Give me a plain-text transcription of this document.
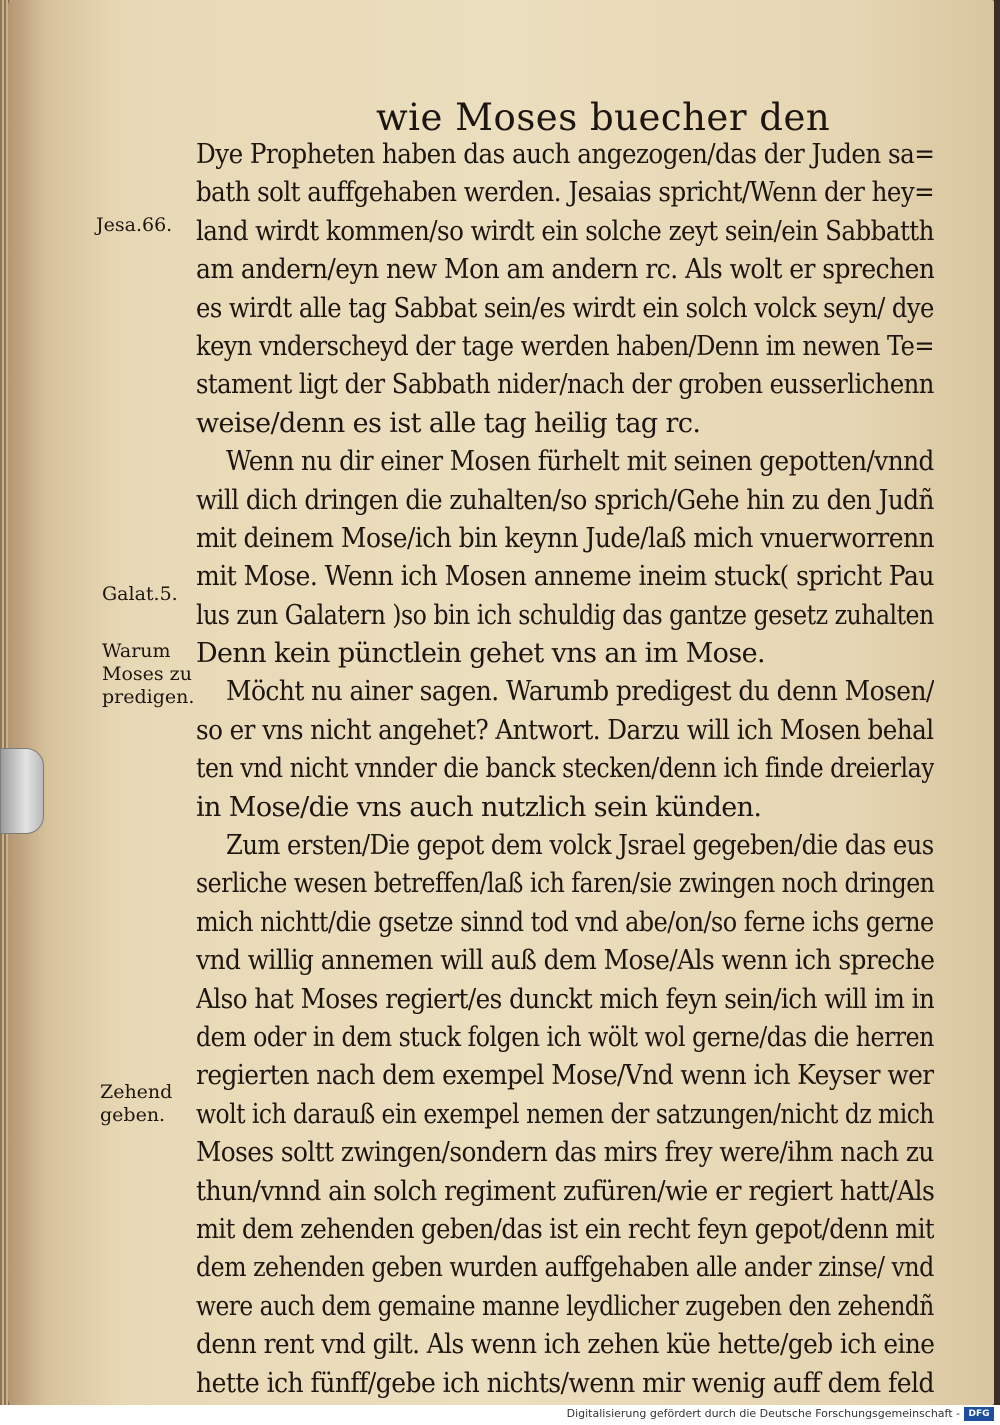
wie Moses buecher den
Dye Propheten haben das auch angezogen/das der Juden sa=
bath solt auffgehaben werden. Jesaias spricht/Wenn der hey=
land wirdt kommen/so wirdt ein solche zeyt sein/ein Sabbatth
am andern/eyn new Mon am andern rc. Als wolt er sprechen
es wirdt alle tag Sabbat sein/es wirdt ein solch volck seyn/ dye
keyn vnderscheyd der tage werden haben/Denn im newen Te=
stament ligt der Sabbath nider/nach der groben eusserlichenn
weise/denn es ist alle tag heilig tag rc.
Wenn nu dir einer Mosen fürhelt mit seinen gepotten/vnnd
will dich dringen die zuhalten/so sprich/Gehe hin zu den Judñ
mit deinem Mose/ich bin keynn Jude/laß mich vnuerworrenn
mit Mose. Wenn ich Mosen anneme ineim stuck( spricht Pau
lus zun Galatern )so bin ich schuldig das gantze gesetz zuhalten
Denn kein pünctlein gehet vns an im Mose.
Möcht nu ainer sagen. Warumb predigest du denn Mosen/
so er vns nicht angehet? Antwort. Darzu will ich Mosen behal
ten vnd nicht vnnder die banck stecken/denn ich finde dreierlay
in Mose/die vns auch nutzlich sein künden.
Zum ersten/Die gepot dem volck Jsrael gegeben/die das eus
serliche wesen betreffen/laß ich faren/sie zwingen noch dringen
mich nichtt/die gsetze sinnd tod vnd abe/on/so ferne ichs gerne
vnd willig annemen will auß dem Mose/Als wenn ich spreche
Also hat Moses regiert/es dunckt mich feyn sein/ich will im in
dem oder in dem stuck folgen ich wölt wol gerne/das die herren
regierten nach dem exempel Mose/Vnd wenn ich Keyser wer
wolt ich darauß ein exempel nemen der satzungen/nicht dz mich
Moses soltt zwingen/sondern das mirs frey were/ihm nach zu
thun/vnnd ain solch regiment zufüren/wie er regiert hatt/Als
mit dem zehenden geben/das ist ein recht feyn gepot/denn mit
dem zehenden geben wurden auffgehaben alle ander zinse/ vnd
were auch dem gemaine manne leydlicher zugeben den zehendñ
denn rent vnd gilt. Als wenn ich zehen küe hette/geb ich eine
hette ich fünff/gebe ich nichts/wenn mir wenig auff dem feld
Jesa.66.
Galat.5.
Warum Moses zu predigen.
Zehend geben.
Digitalisierung gefördert durch die Deutsche Forschungsgemeinschaft - DFG
